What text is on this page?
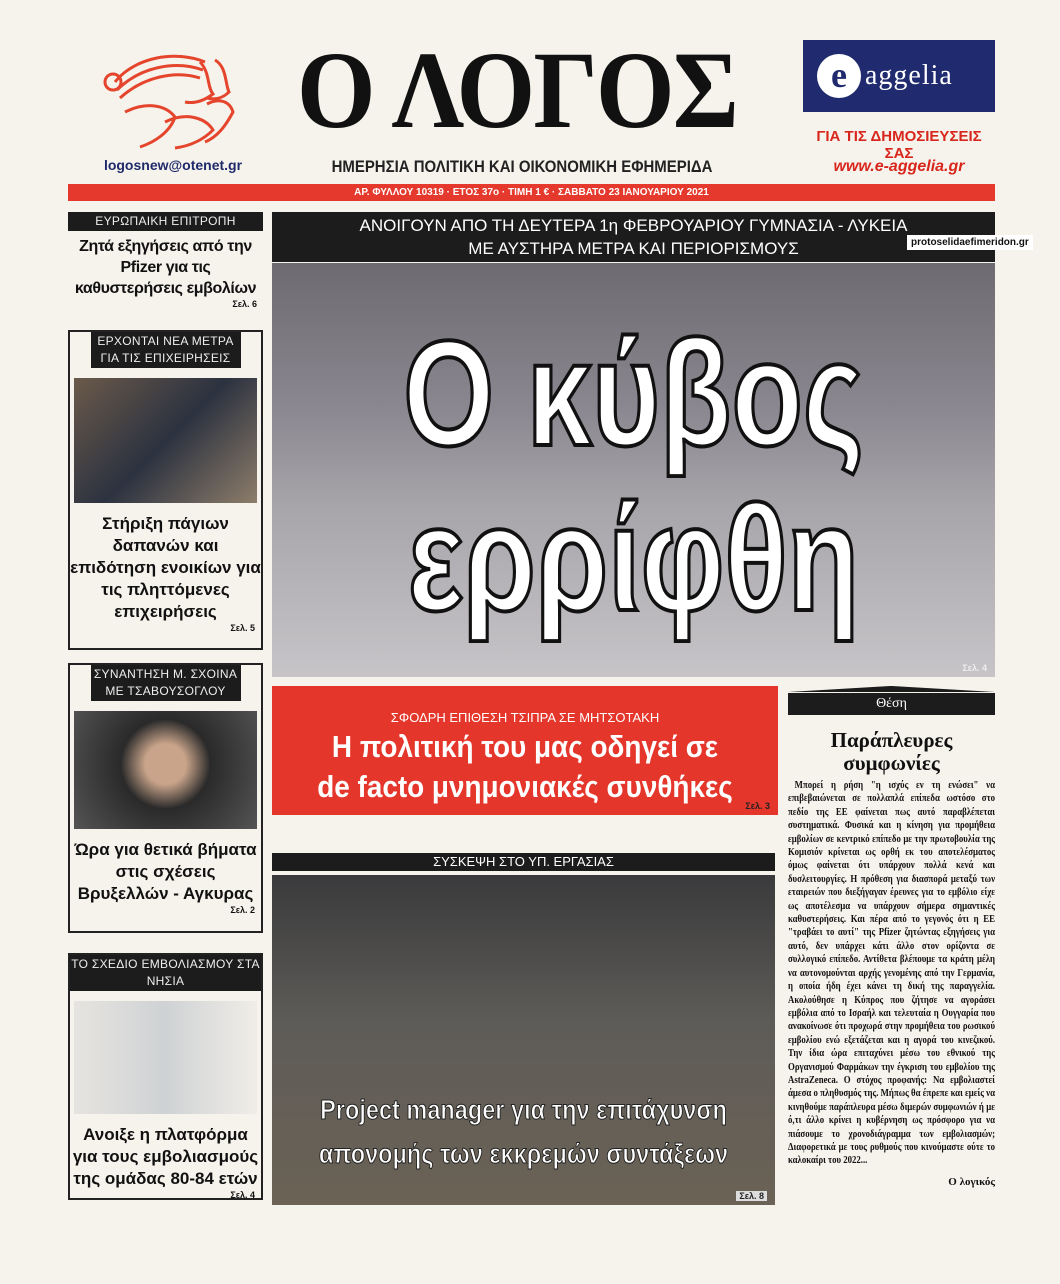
logosnew@otenet.gr
Ο ΛΟΓΟΣ
ΗΜΕΡΗΣΙΑ ΠΟΛΙΤΙΚΗ ΚΑΙ ΟΙΚΟΝΟΜΙΚΗ ΕΦΗΜΕΡΙΔΑ
e aggelia
ΓΙΑ ΤΙΣ ΔΗΜΟΣΙΕΥΣΕΙΣ ΣΑΣ
www.e-aggelia.gr
ΑΡ. ΦΥΛΛΟΥ 10319 · ΕΤΟΣ 37ο · ΤΙΜΗ 1 € · ΣΑΒΒΑΤΟ 23 ΙΑΝΟΥΑΡΙΟΥ 2021
ΕΥΡΩΠΑΙΚΗ ΕΠΙΤΡΟΠΗ
Ζητά εξηγήσεις από την Pfizer για τις καθυστερήσεις εμβολίων
Σελ. 6
ΕΡΧΟΝΤΑΙ ΝΕΑ ΜΕΤΡΑ ΓΙΑ ΤΙΣ ΕΠΙΧΕΙΡΗΣΕΙΣ
Στήριξη πάγιων δαπανών και επιδότηση ενοικίων για τις πληττόμενες επιχειρήσεις
Σελ. 5
ΣΥΝΑΝΤΗΣΗ Μ. ΣΧΟΙΝΑ ΜΕ ΤΣΑΒΟΥΣΟΓΛΟΥ
Ώρα για θετικά βήματα στις σχέσεις Βρυξελλών - Αγκυρας
Σελ. 2
ΤΟ ΣΧΕΔΙΟ ΕΜΒΟΛΙΑΣΜΟΥ ΣΤΑ ΝΗΣΙΑ
Ανοιξε η πλατφόρμα για τους εμβολιασμούς της ομάδας 80-84 ετών
Σελ. 4
ΑΝΟΙΓΟΥΝ ΑΠΟ ΤΗ ΔΕΥΤΕΡΑ 1η ΦΕΒΡΟΥΑΡΙΟΥ ΓΥΜΝΑΣΙΑ - ΛΥΚΕΙΑ
ΜΕ ΑΥΣΤΗΡΑ ΜΕΤΡΑ ΚΑΙ ΠΕΡΙΟΡΙΣΜΟΥΣ	protoselidaefimeridon.gr
Ο κύβος
ερρίφθη
Σελ. 4
ΣΦΟΔΡΗ ΕΠΙΘΕΣΗ ΤΣΙΠΡΑ ΣΕ ΜΗΤΣΟΤΑΚΗ
Η πολιτική του μας οδηγεί σε
de facto μνημονιακές συνθήκες
Σελ. 3
ΣΥΣΚΕΨΗ ΣΤΟ ΥΠ. ΕΡΓΑΣΙΑΣ
Project manager για την επιτάχυνση
απονομής των εκκρεμών συντάξεων
Σελ. 8
Θέση
Παράπλευρες συμφωνίες
Μπορεί η ρήση "η ισχύς εν τη ενώσει" να επιβεβαιώνεται σε πολλαπλά επίπεδα ωστόσο στο πεδίο της ΕΕ φαίνεται πως αυτό παραβλέπεται συστηματικά. Φυσικά και η κίνηση για προμήθεια εμβολίων σε κεντρικό επίπεδο με την πρωτοβουλία της Κομισιόν κρίνεται ως ορθή εκ του αποτελέσματος όμως φαίνεται ότι υπάρχουν πολλά κενά και δυσλειτουργίες. Η πρόθεση για διασπορά μεταξύ των εταιρειών που διεξήγαγαν έρευνες για το εμβόλιο είχε ως αποτέλεσμα να υπάρχουν σήμερα σημαντικές καθυστερήσεις. Και πέρα από το γεγονός ότι η ΕΕ "τραβάει το αυτί" της Pfizer ζητώντας εξηγήσεις για αυτό, δεν υπάρχει κάτι άλλο στον ορίζοντα σε συλλογικό επίπεδο. Αντίθετα βλέπουμε τα κράτη μέλη να αυτονομούνται αρχής γενομένης από την Γερμανία, η οποία ήδη έχει κάνει τη δική της παραγγελία. Ακολούθησε η Κύπρος που ζήτησε να αγοράσει εμβόλια από το Ισραήλ και τελευταία η Ουγγαρία που ανακοίνωσε ότι προχωρά στην προμήθεια του ρωσικού εμβολίου ενώ εξετάζεται και η αγορά του κινεζικού. Την ίδια ώρα επιταχύνει μέσω του εθνικού της Οργανισμού Φαρμάκων την έγκριση του εμβολίου της AstraZeneca. Ο στόχος προφανής: Να εμβολιαστεί άμεσα ο πληθυσμός της. Μήπως θα έπρεπε και εμείς να κινηθούμε παράπλευρα μέσω διμερών συμφωνιών ή με ό,τι άλλο κρίνει η κυβέρνηση ως πρόσφορο για να πιάσουμε το χρονοδιάγραμμα των εμβολιασμών; Διαφορετικά με τους ρυθμούς που κινούμαστε ούτε το καλοκαίρι του 2022...
Ο λογικός
